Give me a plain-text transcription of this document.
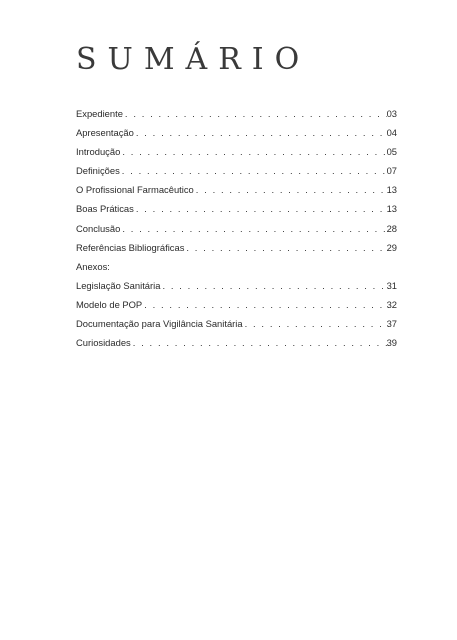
SUMÁRIO
Expediente . . .	03
Apresentação . . .	04
Introdução . . .	05
Definições . . .	07
O Profissional Farmacêutico . . .	13
Boas Práticas . . .	13
Conclusão . . .	28
Referências Bibliográficas . . .	29
Anexos:
Legislação Sanitária . . .	31
Modelo de POP . . .	32
Documentação para Vigilância Sanitária . . .	37
Curiosidades . . .	39
